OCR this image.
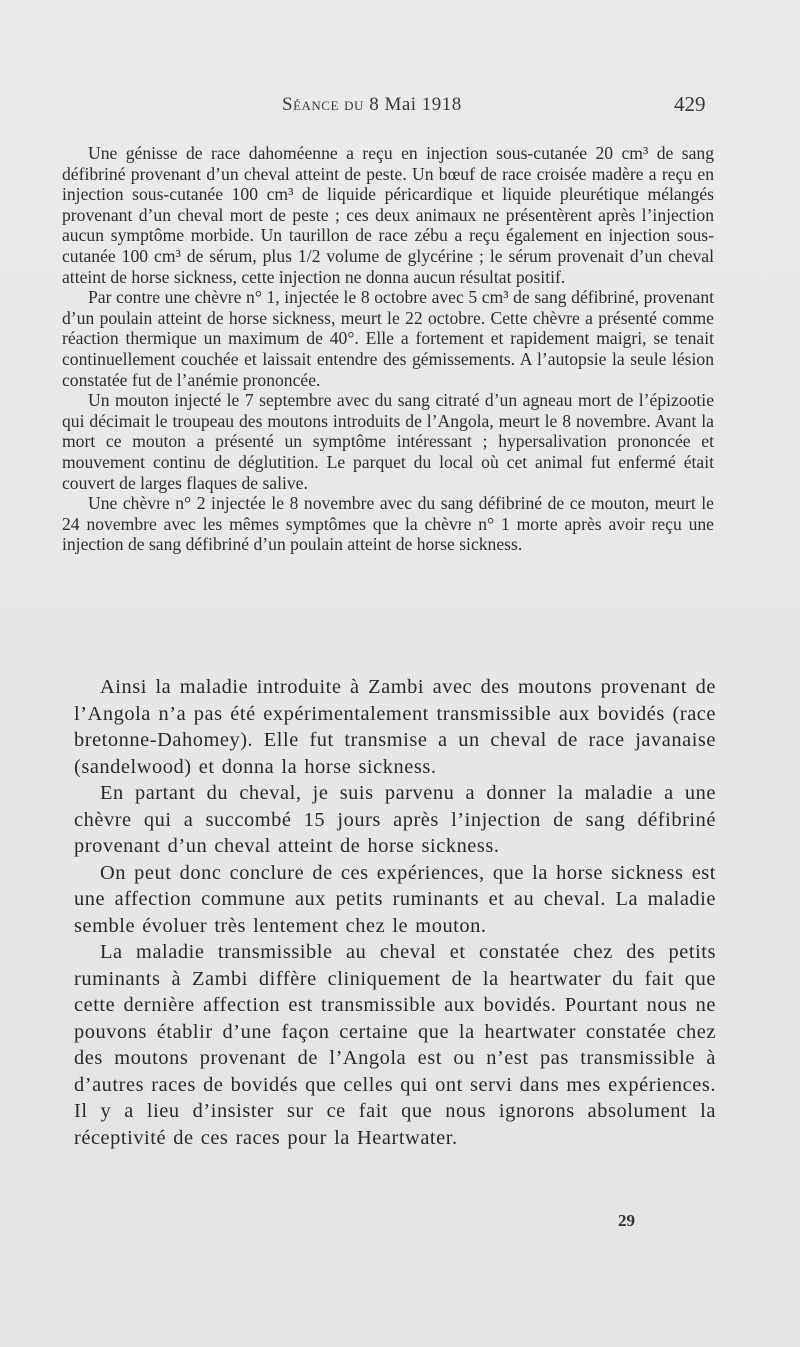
Séance du 8 Mai 1918	429

Une génisse de race dahoméenne a reçu en injection sous-cutanée 20 cm³ de sang défibriné provenant d’un cheval atteint de peste. Un bœuf de race croisée madère a reçu en injection sous-cutanée 100 cm³ de liquide péricardique et liquide pleurétique mélangés provenant d’un cheval mort de peste ; ces deux animaux ne présentèrent après l’injection aucun symptôme morbide. Un taurillon de race zébu a reçu également en injection sous-cutanée 100 cm³ de sérum, plus 1/2 volume de glycérine ; le sérum provenait d’un cheval atteint de horse sickness, cette injection ne donna aucun résultat positif.

Par contre une chèvre n° 1, injectée le 8 octobre avec 5 cm³ de sang défibriné, provenant d’un poulain atteint de horse sickness, meurt le 22 octobre. Cette chèvre a présenté comme réaction thermique un maximum de 40°. Elle a fortement et rapidement maigri, se tenait continuellement couchée et laissait entendre des gémissements. A l’autopsie la seule lésion constatée fut de l’anémie prononcée.

Un mouton injecté le 7 septembre avec du sang citraté d’un agneau mort de l’épizootie qui décimait le troupeau des moutons introduits de l’Angola, meurt le 8 novembre. Avant la mort ce mouton a présenté un symptôme intéressant ; hypersalivation prononcée et mouvement continu de déglutition. Le parquet du local où cet animal fut enfermé était couvert de larges flaques de salive.

Une chèvre n° 2 injectée le 8 novembre avec du sang défibriné de ce mouton, meurt le 24 novembre avec les mêmes symptômes que la chèvre n° 1 morte après avoir reçu une injection de sang défibriné d’un poulain atteint de horse sickness.

Ainsi la maladie introduite à Zambi avec des moutons provenant de l’Angola n’a pas été expérimentalement transmissible aux bovidés (race bretonne-Dahomey). Elle fut transmise a un cheval de race javanaise (sandelwood) et donna la horse sickness.

En partant du cheval, je suis parvenu a donner la maladie a une chèvre qui a succombé 15 jours après l’injection de sang défibriné provenant d’un cheval atteint de horse sickness.

On peut donc conclure de ces expériences, que la horse sickness est une affection commune aux petits ruminants et au cheval. La maladie semble évoluer très lentement chez le mouton.

La maladie transmissible au cheval et constatée chez des petits ruminants à Zambi diffère cliniquement de la heartwater du fait que cette dernière affection est transmissible aux bovidés. Pourtant nous ne pouvons établir d’une façon certaine que la heartwater constatée chez des moutons provenant de l’Angola est ou n’est pas transmissible à d’autres races de bovidés que celles qui ont servi dans mes expériences. Il y a lieu d’insister sur ce fait que nous ignorons absolument la réceptivité de ces races pour la Heartwater.

29
